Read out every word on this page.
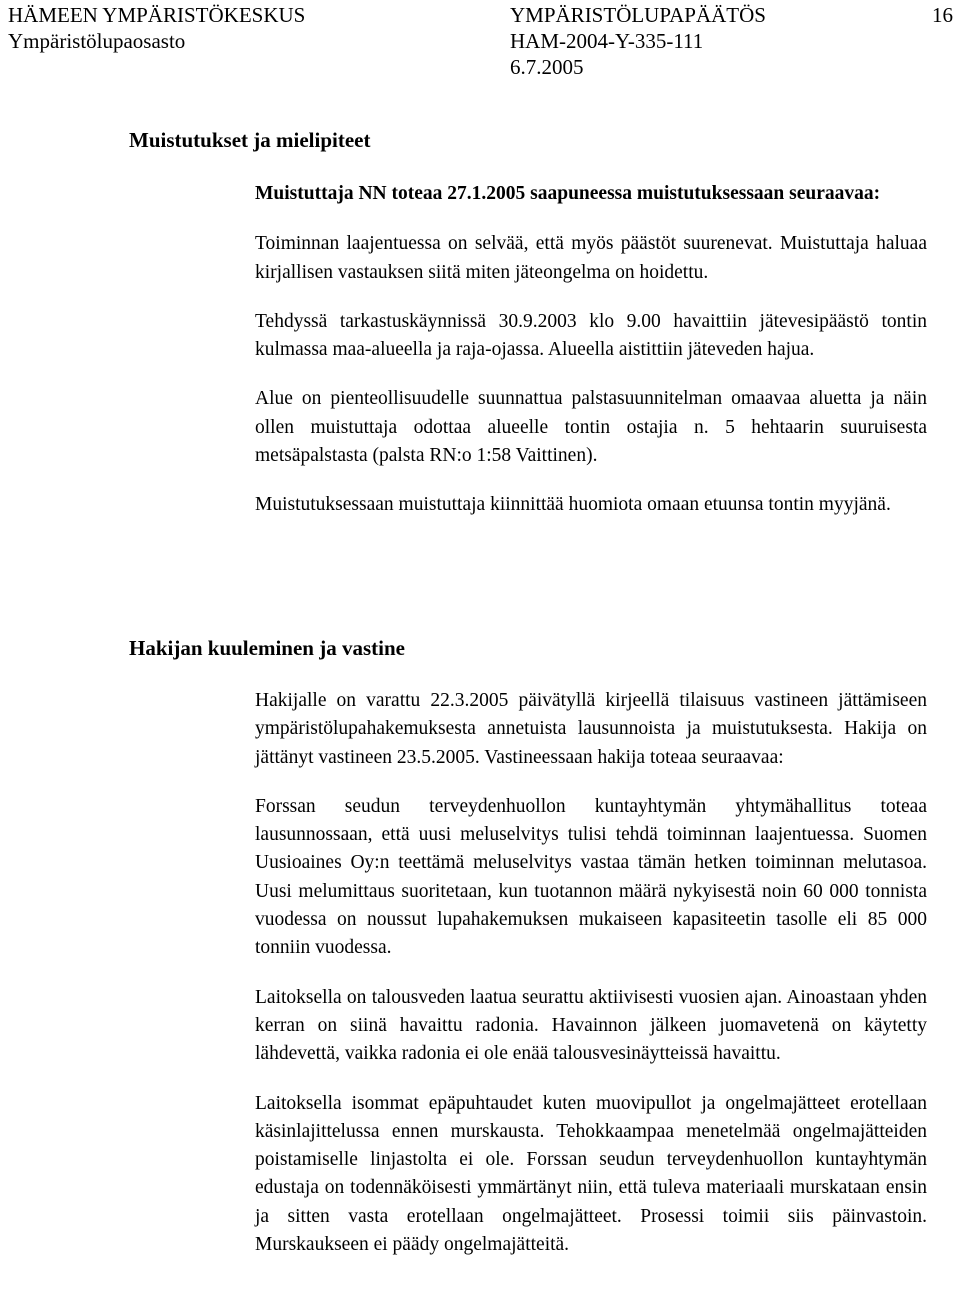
HÄMEEN YMPÄRISTÖKESKUS
Ympäristölupaosasto
YMPÄRISTÖLUPAPÄÄTÖS
HAM-2004-Y-335-111
6.7.2005
16
Muistutukset ja mielipiteet

Muistuttaja NN toteaa 27.1.2005 saapuneessa muistutuksessaan seuraavaa:

Toiminnan laajentuessa on selvää, että myös päästöt suurenevat. Muistuttaja haluaa kirjallisen vastauksen siitä miten jäteongelma on hoidettu.

Tehdyssä tarkastuskäynnissä 30.9.2003 klo 9.00 havaittiin jätevesipäästö tontin kulmassa maa-alueella ja raja-ojassa. Alueella aistittiin jäteveden hajua.

Alue on pienteollisuudelle suunnattua palstasuunnitelman omaavaa aluetta ja näin ollen muistuttaja odottaa alueelle tontin ostajia n. 5 hehtaarin suuruisesta metsäpalstasta (palsta RN:o 1:58 Vaittinen).

Muistutuksessaan muistuttaja kiinnittää huomiota omaan etuunsa tontin myyjänä.

Hakijan kuuleminen ja vastine

Hakijalle on varattu 22.3.2005 päivätyllä kirjeellä tilaisuus vastineen jättämiseen ympäristölupahakemuksesta annetuista lausunnoista ja muistutuksesta. Hakija on jättänyt vastineen 23.5.2005. Vastineessaan hakija toteaa seuraavaa:

Forssan seudun terveydenhuollon kuntayhtymän yhtymähallitus toteaa lausunnossaan, että uusi meluselvitys tulisi tehdä toiminnan laajentuessa. Suomen Uusioaines Oy:n teettämä meluselvitys vastaa tämän hetken toiminnan melutasoa. Uusi melumittaus suoritetaan, kun tuotannon määrä nykyisestä noin 60 000 tonnista vuodessa on noussut lupahakemuksen mukaiseen kapasiteetin tasolle eli 85 000 tonniin vuodessa.

Laitoksella on talousveden laatua seurattu aktiivisesti vuosien ajan. Ainoastaan yhden kerran on siinä havaittu radonia. Havainnon jälkeen juomavetenä on käytetty lähdevettä, vaikka radonia ei ole enää talousvesinäytteissä havaittu.

Laitoksella isommat epäpuhtaudet kuten muovipullot ja ongelmajätteet erotellaan käsinlajittelussa ennen murskausta. Tehokkaampaa menetelmää ongelmajätteiden poistamiselle linjastolta ei ole. Forssan seudun terveydenhuollon kuntayhtymän edustaja on todennäköisesti ymmärtänyt niin, että tuleva materiaali murskataan ensin ja sitten vasta erotellaan ongelmajätteet. Prosessi toimii siis päinvastoin. Murskaukseen ei päädy ongelmajätteitä.
